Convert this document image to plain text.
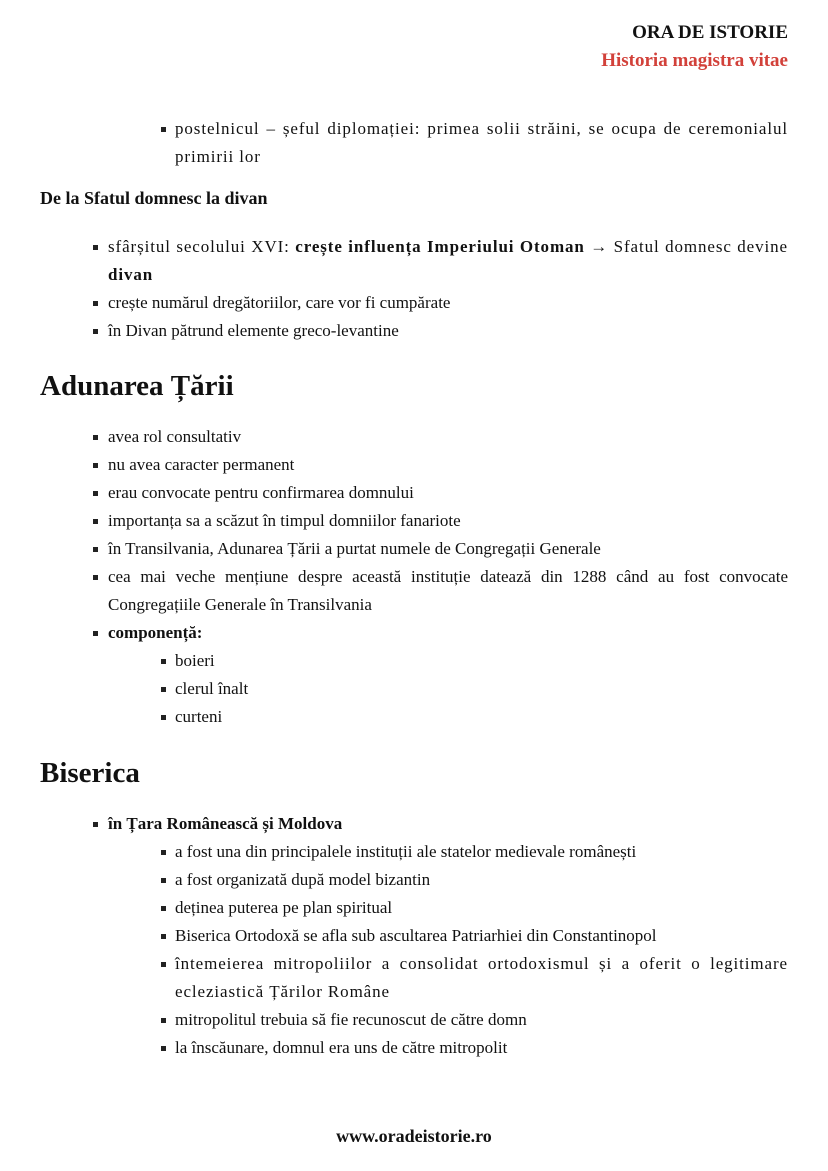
ORA DE ISTORIE
Historia magistra vitae
postelnicul – șeful diplomației: primea solii străini, se ocupa de ceremonialul primirii lor
De la Sfatul domnesc la divan
sfârșitul secolului XVI: crește influența Imperiului Otoman → Sfatul domnesc devine divan
crește numărul dregătoriilor, care vor fi cumpărate
în Divan pătrund elemente greco-levantine
Adunarea Țării
avea rol consultativ
nu avea caracter permanent
erau convocate pentru confirmarea domnului
importanța sa a scăzut în timpul domniilor fanariote
în Transilvania, Adunarea Țării a purtat numele de Congregații Generale
cea mai veche mențiune despre această instituție datează din 1288 când au fost convocate Congregațiile Generale în Transilvania
componență:
boieri
clerul înalt
curteni
Biserica
în Țara Românească și Moldova
a fost una din principalele instituții ale statelor medievale românești
a fost organizată după model bizantin
deținea puterea pe plan spiritual
Biserica Ortodoxă se afla sub ascultarea Patriarhiei din Constantinopol
întemeierea mitropoliilor a consolidat ortodoxismul și a oferit o legitimare ecleziastică Țărilor Române
mitropolitul trebuia să fie recunoscut de către domn
la înscăunare, domnul era uns de către mitropolit
www.oradeistorie.ro
